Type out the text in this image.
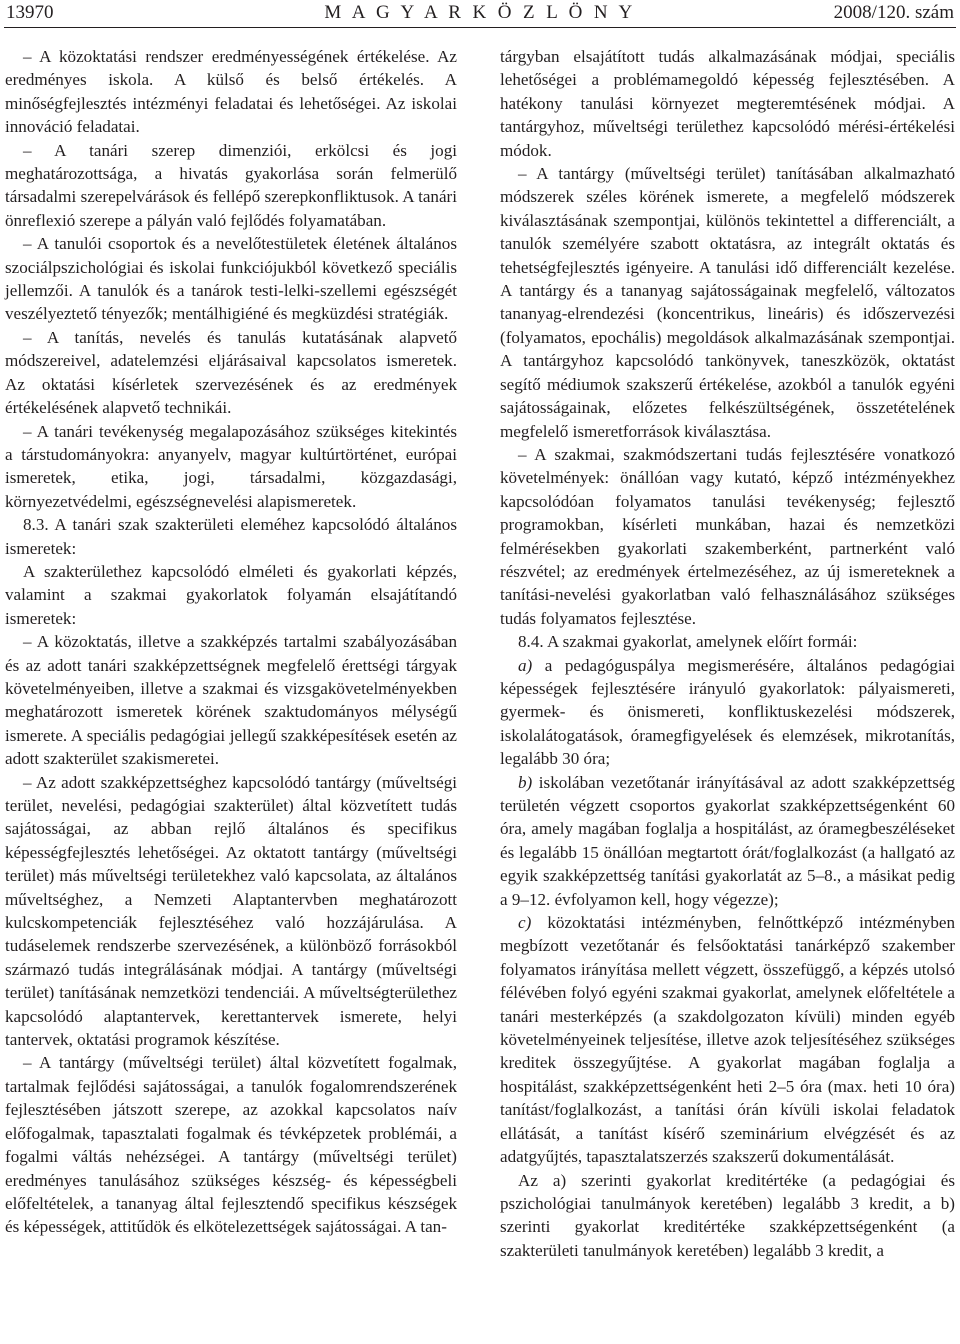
13970	M A G Y A R K Ö Z L Ö N Y	2008/120. szám

– A közoktatási rendszer eredményességének értékelése. Az eredményes iskola. A külső és belső értékelés. A minőségfejlesztés intézményi feladatai és lehetőségei. Az iskolai innováció feladatai.

– A tanári szerep dimenziói, erkölcsi és jogi meghatározottsága, a hivatás gyakorlása során felmerülő társadalmi szerepelvárások és fellépő szerepkonfliktusok. A tanári önreflexió szerepe a pályán való fejlődés folyamatában.

– A tanulói csoportok és a nevelőtestületek életének általános szociálpszichológiai és iskolai funkciójukból következő speciális jellemzői. A tanulók és a tanárok testi-lelki-szellemi egészségét veszélyeztető tényezők; mentálhigiéné és megküzdési stratégiák.

– A tanítás, nevelés és tanulás kutatásának alapvető módszereivel, adatelemzési eljárásaival kapcsolatos ismeretek. Az oktatási kísérletek szervezésének és az eredmények értékelésének alapvető technikái.

– A tanári tevékenység megalapozásához szükséges kitekintés a társtudományokra: anyanyelv, magyar kultúrtörténet, európai ismeretek, etika, jogi, társadalmi, közgazdasági, környezetvédelmi, egészségnevelési alapismeretek.

8.3. A tanári szak szakterületi eleméhez kapcsolódó általános ismeretek:

A szakterülethez kapcsolódó elméleti és gyakorlati képzés, valamint a szakmai gyakorlatok folyamán elsajátítandó ismeretek:

– A közoktatás, illetve a szakképzés tartalmi szabályozásában és az adott tanári szakképzettségnek megfelelő érettségi tárgyak követelményeiben, illetve a szakmai és vizsgakövetelményekben meghatározott ismeretek körének szaktudományos mélységű ismerete. A speciális pedagógiai jellegű szakképesítések esetén az adott szakterület szakismeretei.

– Az adott szakképzettséghez kapcsolódó tantárgy (műveltségi terület, nevelési, pedagógiai szakterület) által közvetített tudás sajátosságai, az abban rejlő általános és specifikus képességfejlesztés lehetőségei. Az oktatott tantárgy (műveltségi terület) más műveltségi területekhez való kapcsolata, az általános műveltséghez, a Nemzeti Alaptantervben meghatározott kulcskompetenciák fejlesztéséhez való hozzájárulása. A tudáselemek rendszerbe szervezésének, a különböző forrásokból származó tudás integrálásának módjai. A tantárgy (műveltségi terület) tanításának nemzetközi tendenciái. A műveltségterülethez kapcsolódó alaptantervek, kerettantervek ismerete, helyi tantervek, oktatási programok készítése.

– A tantárgy (műveltségi terület) által közvetített fogalmak, tartalmak fejlődési sajátosságai, a tanulók fogalomrendszerének fejlesztésében játszott szerepe, az azokkal kapcsolatos naív előfogalmak, tapasztalati fogalmak és tévképzetek problémái, a fogalmi váltás nehézségei. A tantárgy (műveltségi terület) eredményes tanulásához szükséges készség- és képességbeli előfeltételek, a tananyag által fejlesztendő specifikus készségek és képességek, attitűdök és elkötelezettségek sajátosságai. A tan-

tárgyban elsajátított tudás alkalmazásának módjai, speciális lehetőségei a problémamegoldó képesség fejlesztésében. A hatékony tanulási környezet megteremtésének módjai. A tantárgyhoz, műveltségi területhez kapcsolódó mérési-értékelési módok.

– A tantárgy (műveltségi terület) tanításában alkalmazható módszerek széles körének ismerete, a megfelelő módszerek kiválasztásának szempontjai, különös tekintettel a differenciált, a tanulók személyére szabott oktatásra, az integrált oktatás és tehetségfejlesztés igényeire. A tanulási idő differenciált kezelése. A tantárgy és a tananyag sajátosságainak megfelelő, változatos tananyag-elrendezési (koncentrikus, lineáris) és időszervezési (folyamatos, epochális) megoldások alkalmazásának szempontjai. A tantárgyhoz kapcsolódó tankönyvek, taneszközök, oktatást segítő médiumok szakszerű értékelése, azokból a tanulók egyéni sajátosságainak, előzetes felkészültségének, összetételének megfelelő ismeretforrások kiválasztása.

– A szakmai, szakmódszertani tudás fejlesztésére vonatkozó követelmények: önállóan vagy kutató, képző intézményekhez kapcsolódóan folyamatos tanulási tevékenység; fejlesztő programokban, kísérleti munkában, hazai és nemzetközi felmérésekben gyakorlati szakemberként, partnerként való részvétel; az eredmények értelmezéséhez, az új ismereteknek a tanítási-nevelési gyakorlatban való felhasználásához szükséges tudás folyamatos fejlesztése.

8.4. A szakmai gyakorlat, amelynek előírt formái:

a) a pedagóguspálya megismerésére, általános pedagógiai képességek fejlesztésére irányuló gyakorlatok: pályaismereti, gyermek- és önismereti, konfliktuskezelési módszerek, iskolalátogatások, óramegfigyelések és elemzések, mikrotanítás, legalább 30 óra;

b) iskolában vezetőtanár irányításával az adott szakképzettség területén végzett csoportos gyakorlat szakképzettségenként 60 óra, amely magában foglalja a hospitálást, az óramegbeszéléseket és legalább 15 önállóan megtartott órát/foglalkozást (a hallgató az egyik szakképzettség tanítási gyakorlatát az 5–8., a másikat pedig a 9–12. évfolyamon kell, hogy végezze);

c) közoktatási intézményben, felnőttképző intézményben megbízott vezetőtanár és felsőoktatási tanárképző szakember folyamatos irányítása mellett végzett, összefüggő, a képzés utolsó félévében folyó egyéni szakmai gyakorlat, amelynek előfeltétele a tanári mesterképzés (a szakdolgozaton kívüli) minden egyéb követelményeinek teljesítése, illetve azok teljesítéséhez szükséges kreditek összegyűjtése. A gyakorlat magában foglalja a hospitálást, szakképzettségenként heti 2–5 óra (max. heti 10 óra) tanítást/foglalkozást, a tanítási órán kívüli iskolai feladatok ellátását, a tanítást kísérő szeminárium elvégzését és az adatgyűjtés, tapasztalatszerzés szakszerű dokumentálását.

Az a) szerinti gyakorlat kreditértéke (a pedagógiai és pszichológiai tanulmányok keretében) legalább 3 kredit, a b) szerinti gyakorlat kreditértéke szakképzettségenként (a szakterületi tanulmányok keretében) legalább 3 kredit, a
